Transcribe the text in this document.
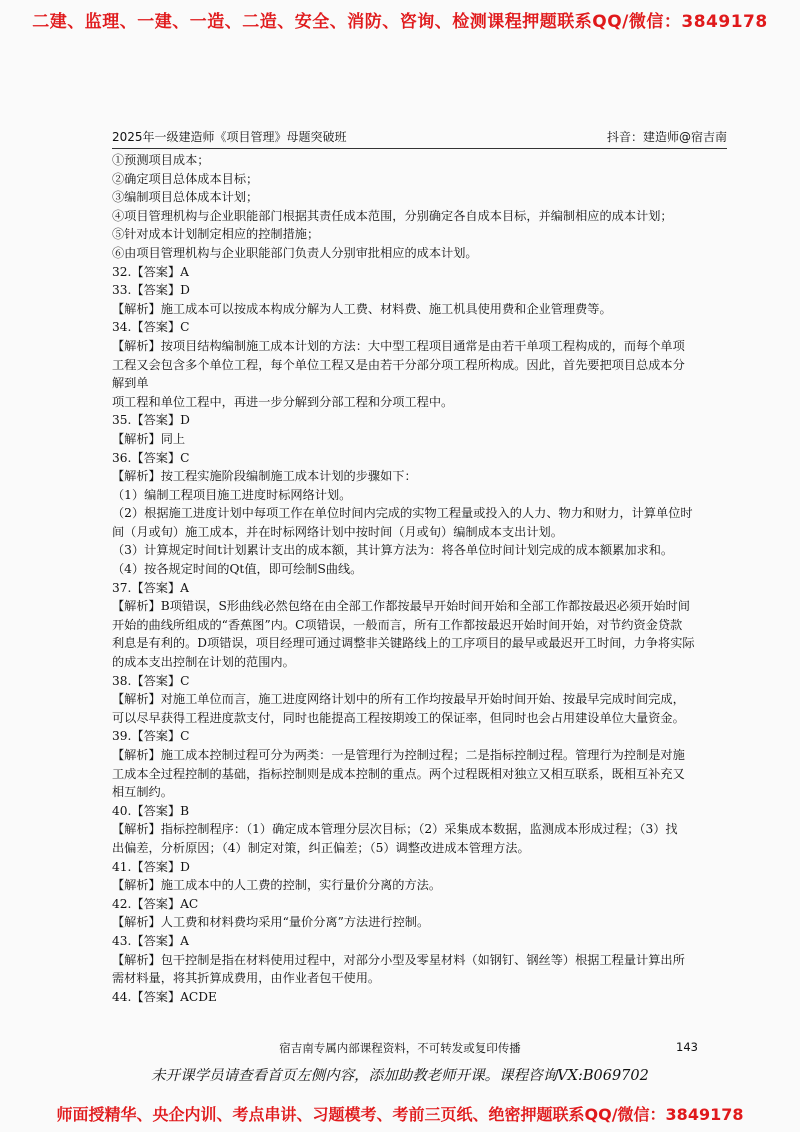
二建、监理、一建、一造、二造、安全、消防、咨询、检测课程押题联系QQ/微信：3849178
2025年一级建造师《项目管理》母题突破班	抖音：建造师@宿吉南
①预测项目成本；
②确定项目总体成本目标；
③编制项目总体成本计划；
④项目管理机构与企业职能部门根据其责任成本范围，分别确定各自成本目标，并编制相应的成本计划；
⑤针对成本计划制定相应的控制措施；
⑥由项目管理机构与企业职能部门负责人分别审批相应的成本计划。
32.【答案】A
33.【答案】D
【解析】施工成本可以按成本构成分解为人工费、材料费、施工机具使用费和企业管理费等。
34.【答案】C
【解析】按项目结构编制施工成本计划的方法：大中型工程项目通常是由若干单项工程构成的，而每个单项
工程又会包含多个单位工程，每个单位工程又是由若干分部分项工程所构成。因此，首先要把项目总成本分
解到单
项工程和单位工程中，再进一步分解到分部工程和分项工程中。
35.【答案】D
【解析】同上
36.【答案】C
【解析】按工程实施阶段编制施工成本计划的步骤如下：
（1）编制工程项目施工进度时标网络计划。
（2）根据施工进度计划中每项工作在单位时间内完成的实物工程量或投入的人力、物力和财力，计算单位时
间（月或旬）施工成本，并在时标网络计划中按时间（月或旬）编制成本支出计划。
（3）计算规定时间t计划累计支出的成本额，其计算方法为：将各单位时间计划完成的成本额累加求和。
（4）按各规定时间的Qt值，即可绘制S曲线。
37.【答案】A
【解析】B项错误，S形曲线必然包络在由全部工作都按最早开始时间开始和全部工作都按最迟必须开始时间
开始的曲线所组成的“香蕉图”内。C项错误，一般而言，所有工作都按最迟开始时间开始，对节约资金贷款
利息是有利的。D项错误，项目经理可通过调整非关键路线上的工序项目的最早或最迟开工时间，力争将实际
的成本支出控制在计划的范围内。
38.【答案】C
【解析】对施工单位而言，施工进度网络计划中的所有工作均按最早开始时间开始、按最早完成时间完成，
可以尽早获得工程进度款支付，同时也能提高工程按期竣工的保证率，但同时也会占用建设单位大量资金。
39.【答案】C
【解析】施工成本控制过程可分为两类：一是管理行为控制过程；二是指标控制过程。管理行为控制是对施
工成本全过程控制的基础，指标控制则是成本控制的重点。两个过程既相对独立又相互联系，既相互补充又
相互制约。
40.【答案】B
【解析】指标控制程序：（1）确定成本管理分层次目标；（2）采集成本数据，监测成本形成过程；（3）找
出偏差，分析原因；（4）制定对策，纠正偏差；（5）调整改进成本管理方法。
41.【答案】D
【解析】施工成本中的人工费的控制，实行量价分离的方法。
42.【答案】AC
【解析】人工费和材料费均采用“量价分离”方法进行控制。
43.【答案】A
【解析】包干控制是指在材料使用过程中，对部分小型及零星材料（如钢钉、钢丝等）根据工程量计算出所
需材料量，将其折算成费用，由作业者包干使用。
44.【答案】ACDE
宿吉南专属内部课程资料，不可转发或复印传播	143
未开课学员请查看首页左侧内容，添加助教老师开课。课程咨询VX:B069702
师面授精华、央企内训、考点串讲、习题模考、考前三页纸、绝密押题联系QQ/微信：3849178
